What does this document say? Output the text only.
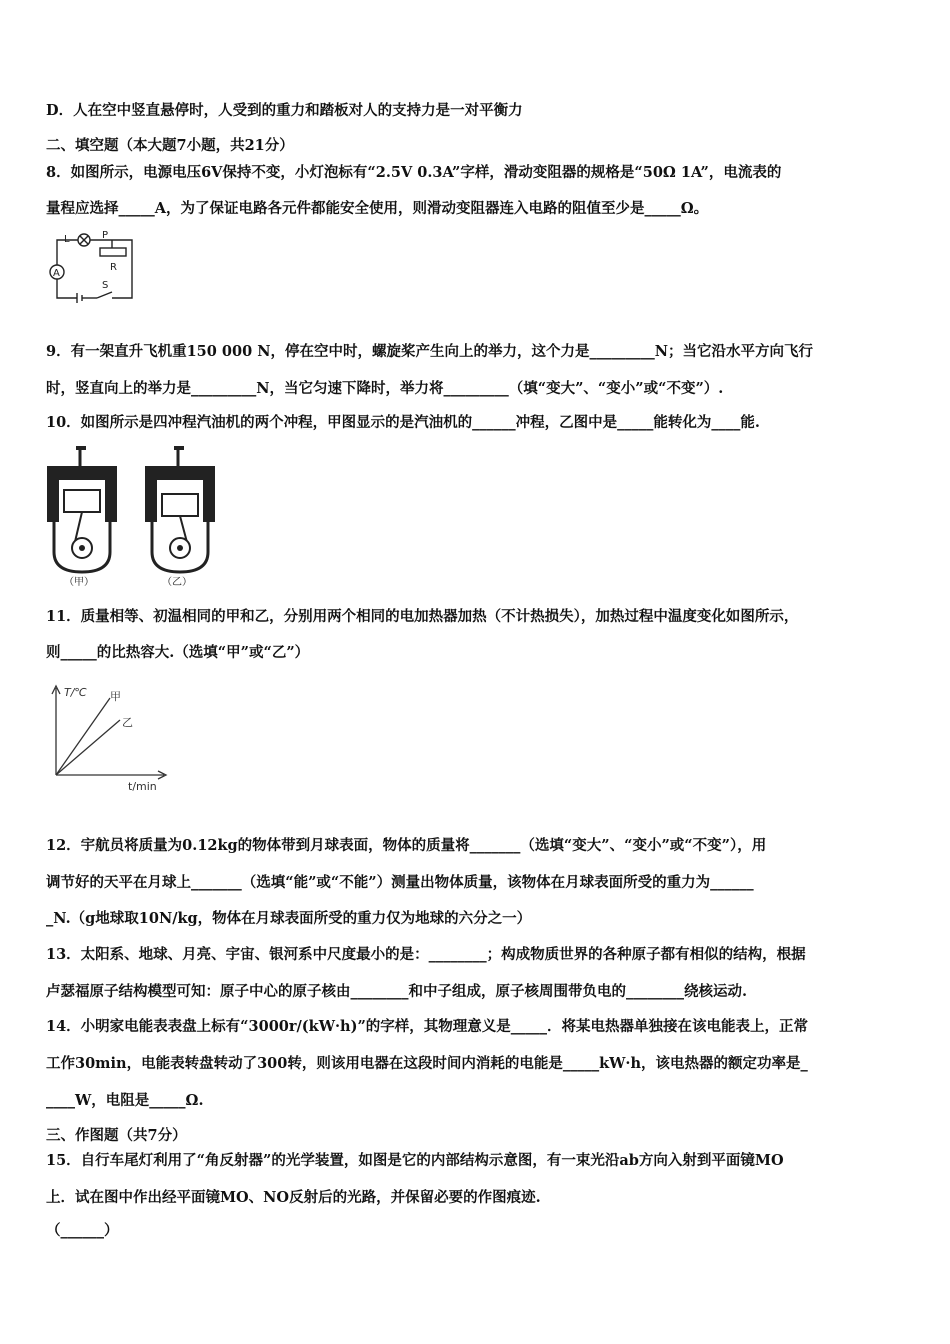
D．人在空中竖直悬停时，人受到的重力和踏板对人的支持力是一对平衡力
二、填空题（本大题7小题，共21分）
8．如图所示，电源电压6V保持不变，小灯泡标有“2.5V 0.3A”字样，滑动变阻器的规格是“50Ω 1A”，电流表的
量程应选择_____A，为了保证电路各元件都能安全使用，则滑动变阻器连入电路的阻值至少是_____Ω。
L	P
R
A
S
9．有一架直升飞机重150 000 N，停在空中时，螺旋桨产生向上的举力，这个力是_________N；当它沿水平方向飞行
时，竖直向上的举力是_________N，当它匀速下降时，举力将_________（填“变大”、“变小”或“不变”）.
10．如图所示是四冲程汽油机的两个冲程，甲图显示的是汽油机的______冲程，乙图中是_____能转化为____能.
（甲）	（乙）
11．质量相等、初温相同的甲和乙，分别用两个相同的电加热器加热（不计热损失），加热过程中温度变化如图所示，
则_____的比热容大.（选填“甲”或“乙”）
T/℃
t/min
甲
乙
12．宇航员将质量为0.12kg的物体带到月球表面，物体的质量将_______（选填“变大”、“变小”或“不变”），用
调节好的天平在月球上_______（选填“能”或“不能”）测量出物体质量，该物体在月球表面所受的重力为______
_N.（g地球取10N/kg，物体在月球表面所受的重力仅为地球的六分之一）
13．太阳系、地球、月亮、宇宙、银河系中尺度最小的是：________；构成物质世界的各种原子都有相似的结构，根据
卢瑟福原子结构模型可知：原子中心的原子核由________和中子组成，原子核周围带负电的________绕核运动.
14．小明家电能表表盘上标有“3000r/(kW·h)”的字样，其物理意义是_____．将某电热器单独接在该电能表上，正常
工作30min，电能表转盘转动了300转，则该用电器在这段时间内消耗的电能是_____kW·h，该电热器的额定功率是_
____W，电阻是_____Ω.
三、作图题（共7分）
15．自行车尾灯利用了“角反射器”的光学装置，如图是它的内部结构示意图，有一束光沿ab方向入射到平面镜MO
上．试在图中作出经平面镜MO、NO反射后的光路，并保留必要的作图痕迹.
（______）
